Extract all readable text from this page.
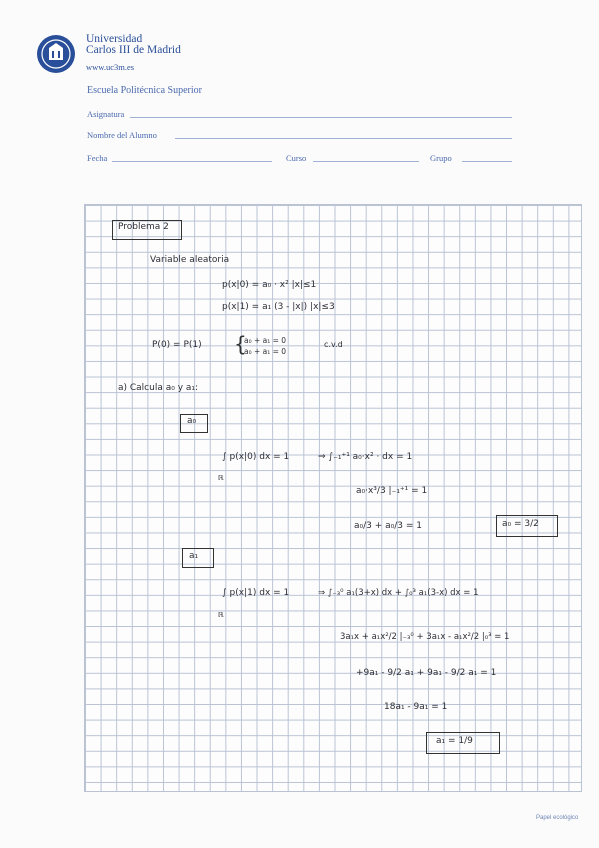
Universidad
Carlos III de Madrid
www.uc3m.es
Escuela Politécnica Superior
Asignatura
Nombre del Alumno
Fecha	Curso	Grupo
Problema 2
Variable aleatoria
p(x|0) = a₀ · x² |x|≤1
p(x|1) = a₁ (3 - |x|) |x|≤3
P(0) = P(1) {
a₀ + a₁ = 0
a₀ + a₁ = 0
c.v.d
a) Calcula a₀ y a₁:
a₀
∫ p(x|0) dx = 1
ℝ
⇒ ∫₋₁⁺¹ a₀·x² · dx = 1
a₀·x³/3 |₋₁⁺¹ = 1
a₀/3 + a₀/3 = 1	a₀ = 3/2
a₁
∫ p(x|1) dx = 1
ℝ
⇒ ∫₋₃⁰ a₁(3+x) dx + ∫₀³ a₁(3-x) dx = 1
3a₁x + a₁x²/2 |₋₃⁰ + 3a₁x - a₁x²/2 |₀³ = 1
+9a₁ - 9/2 a₁ + 9a₁ - 9/2 a₁ = 1
18a₁ - 9a₁ = 1
a₁ = 1/9
Papel ecológico
